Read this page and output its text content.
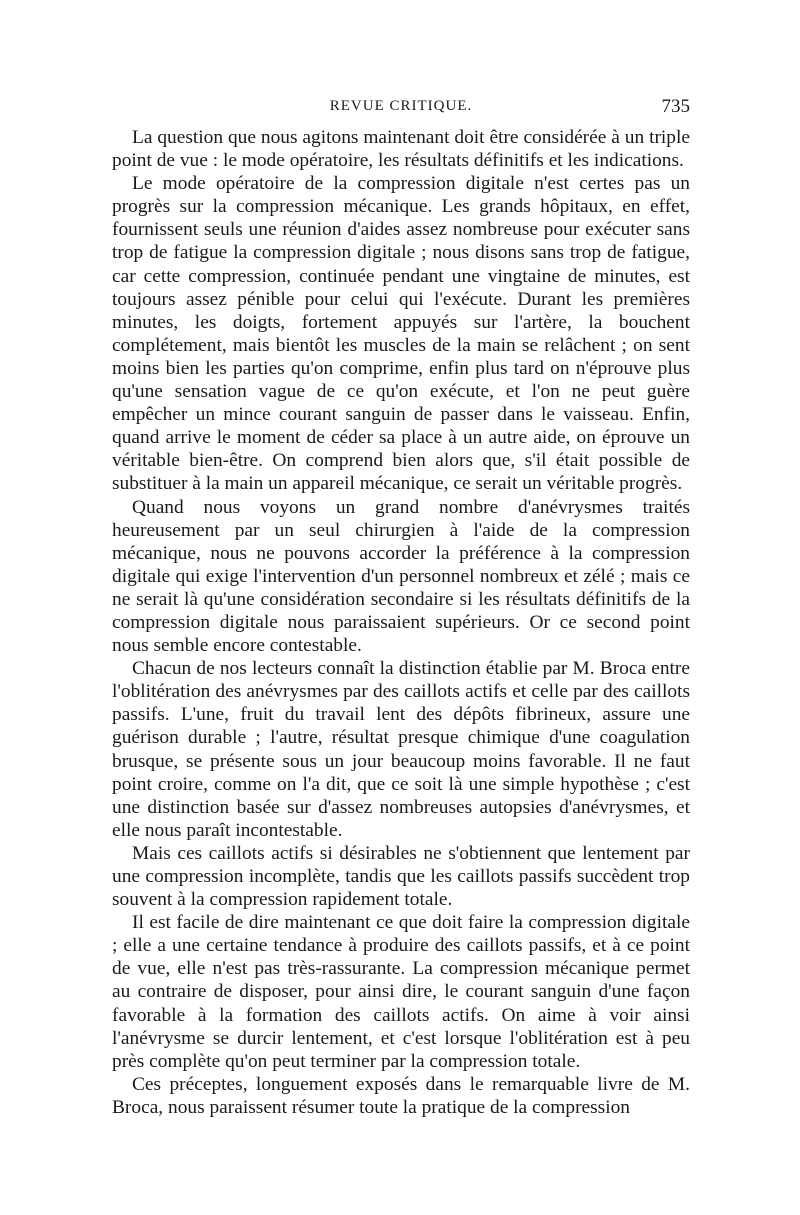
REVUE CRITIQUE.	735

La question que nous agitons maintenant doit être considérée à un triple point de vue : le mode opératoire, les résultats définitifs et les indications.

Le mode opératoire de la compression digitale n'est certes pas un progrès sur la compression mécanique. Les grands hôpitaux, en effet, fournissent seuls une réunion d'aides assez nombreuse pour exécuter sans trop de fatigue la compression digitale ; nous disons sans trop de fatigue, car cette compression, continuée pendant une vingtaine de minutes, est toujours assez pénible pour celui qui l'exécute. Durant les premières minutes, les doigts, fortement appuyés sur l'artère, la bouchent complétement, mais bientôt les muscles de la main se relâchent ; on sent moins bien les parties qu'on comprime, enfin plus tard on n'éprouve plus qu'une sensation vague de ce qu'on exécute, et l'on ne peut guère empêcher un mince courant sanguin de passer dans le vaisseau. Enfin, quand arrive le moment de céder sa place à un autre aide, on éprouve un véritable bien-être. On comprend bien alors que, s'il était possible de substituer à la main un appareil mécanique, ce serait un véritable progrès.

Quand nous voyons un grand nombre d'anévrysmes traités heureusement par un seul chirurgien à l'aide de la compression mécanique, nous ne pouvons accorder la préférence à la compression digitale qui exige l'intervention d'un personnel nombreux et zélé ; mais ce ne serait là qu'une considération secondaire si les résultats définitifs de la compression digitale nous paraissaient supérieurs. Or ce second point nous semble encore contestable.

Chacun de nos lecteurs connaît la distinction établie par M. Broca entre l'oblitération des anévrysmes par des caillots actifs et celle par des caillots passifs. L'une, fruit du travail lent des dépôts fibrineux, assure une guérison durable ; l'autre, résultat presque chimique d'une coagulation brusque, se présente sous un jour beaucoup moins favorable. Il ne faut point croire, comme on l'a dit, que ce soit là une simple hypothèse ; c'est une distinction basée sur d'assez nombreuses autopsies d'anévrysmes, et elle nous paraît incontestable.

Mais ces caillots actifs si désirables ne s'obtiennent que lentement par une compression incomplète, tandis que les caillots passifs succèdent trop souvent à la compression rapidement totale.

Il est facile de dire maintenant ce que doit faire la compression digitale ; elle a une certaine tendance à produire des caillots passifs, et à ce point de vue, elle n'est pas très-rassurante. La compression mécanique permet au contraire de disposer, pour ainsi dire, le courant sanguin d'une façon favorable à la formation des caillots actifs. On aime à voir ainsi l'anévrysme se durcir lentement, et c'est lorsque l'oblitération est à peu près complète qu'on peut terminer par la compression totale.

Ces préceptes, longuement exposés dans le remarquable livre de M. Broca, nous paraissent résumer toute la pratique de la compression
